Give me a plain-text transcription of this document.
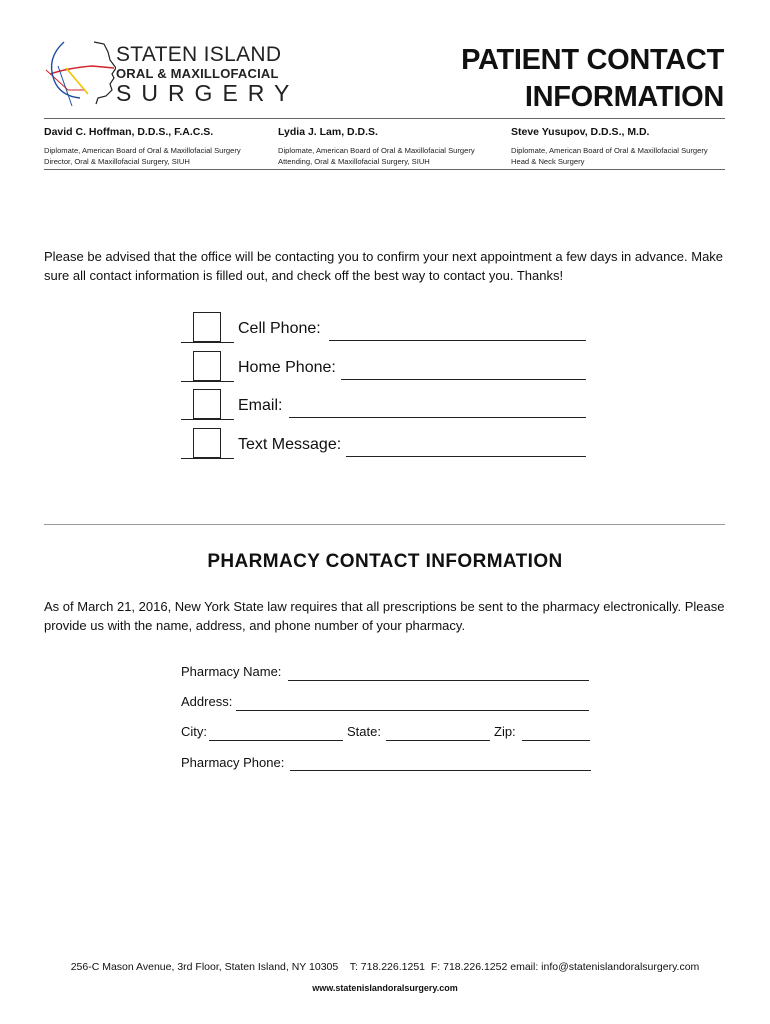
STATEN ISLAND
ORAL & MAXILLOFACIAL
SURGERY
PATIENT CONTACT
INFORMATION
David C. Hoffman, D.D.S., F.A.C.S.
Diplomate, American Board of Oral & Maxillofacial Surgery
Director, Oral & Maxillofacial Surgery, SIUH
Lydia J. Lam, D.D.S.
Diplomate, American Board of Oral & Maxillofacial Surgery
Attending, Oral & Maxillofacial Surgery, SIUH
Steve Yusupov, D.D.S., M.D.
Diplomate, American Board of Oral & Maxillofacial Surgery
Head & Neck Surgery
Please be advised that the office will be contacting you to confirm your next appointment a few days in advance. Make sure all contact information is filled out, and check off the best way to contact you. Thanks!
Cell Phone:
Home Phone:
Email:
Text Message:
PHARMACY CONTACT INFORMATION
As of March 21, 2016, New York State law requires that all prescriptions be sent to the pharmacy electronically. Please provide us with the name, address, and phone number of your pharmacy.
Pharmacy Name:
Address:
City:	State:	Zip:
Pharmacy Phone:
256-C Mason Avenue, 3rd Floor, Staten Island, NY 10305    T: 718.226.1251  F: 718.226.1252 email: info@statenislandoralsurgery.com
www.statenislandoralsurgery.com
